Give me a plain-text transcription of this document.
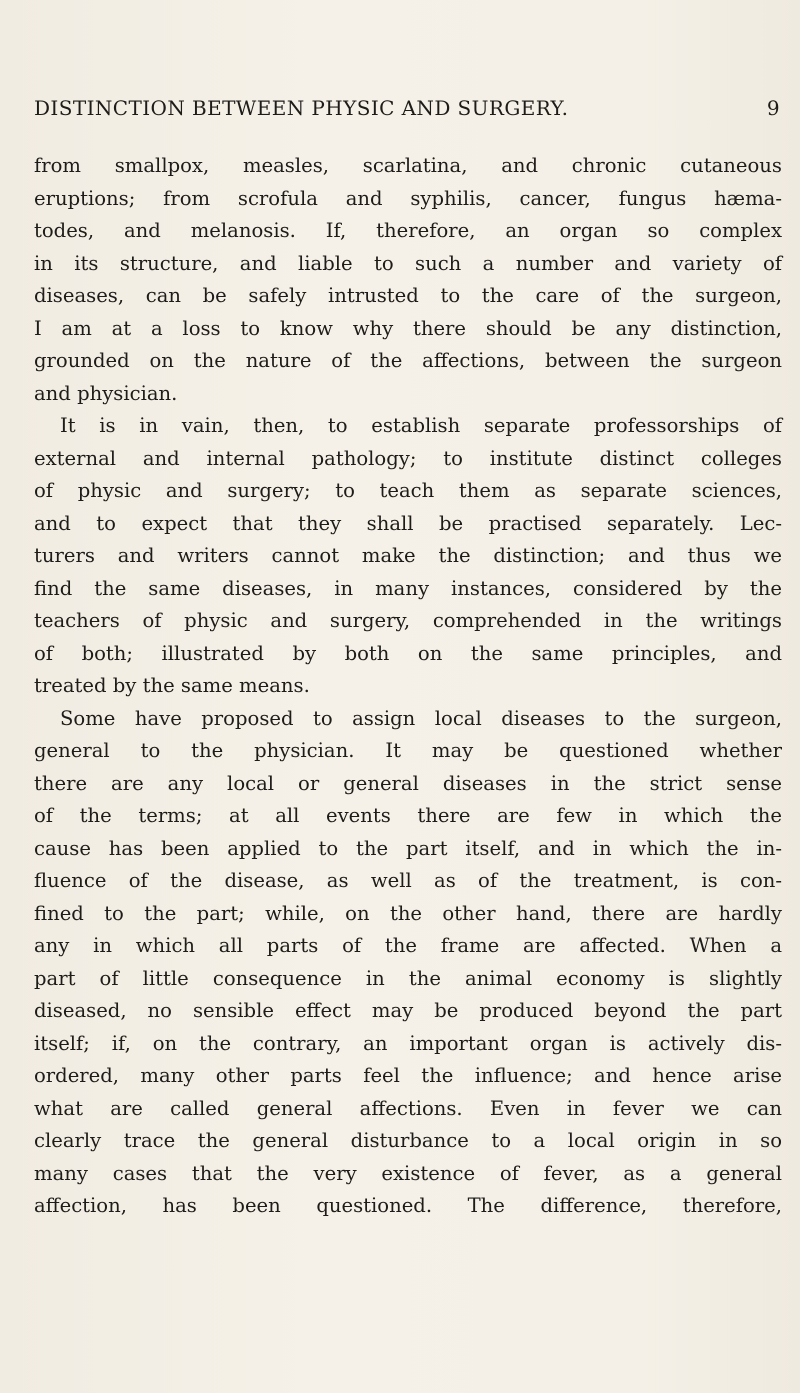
DISTINCTION BETWEEN PHYSIC AND SURGERY.	9
from smallpox, measles, scarlatina, and chronic cutaneous
eruptions; from scrofula and syphilis, cancer, fungus hæma-
todes, and melanosis. If, therefore, an organ so complex
in its structure, and liable to such a number and variety of
diseases, can be safely intrusted to the care of the surgeon,
I am at a loss to know why there should be any distinction,
grounded on the nature of the affections, between the surgeon
and physician.
It is in vain, then, to establish separate professorships of
external and internal pathology; to institute distinct colleges
of physic and surgery; to teach them as separate sciences,
and to expect that they shall be practised separately. Lec-
turers and writers cannot make the distinction; and thus we
find the same diseases, in many instances, considered by the
teachers of physic and surgery, comprehended in the writings
of both; illustrated by both on the same principles, and
treated by the same means.
Some have proposed to assign local diseases to the surgeon,
general to the physician. It may be questioned whether
there are any local or general diseases in the strict sense
of the terms; at all events there are few in which the
cause has been applied to the part itself, and in which the in-
fluence of the disease, as well as of the treatment, is con-
fined to the part; while, on the other hand, there are hardly
any in which all parts of the frame are affected. When a
part of little consequence in the animal economy is slightly
diseased, no sensible effect may be produced beyond the part
itself; if, on the contrary, an important organ is actively dis-
ordered, many other parts feel the influence; and hence arise
what are called general affections. Even in fever we can
clearly trace the general disturbance to a local origin in so
many cases that the very existence of fever, as a general
affection, has been questioned. The difference, therefore,
